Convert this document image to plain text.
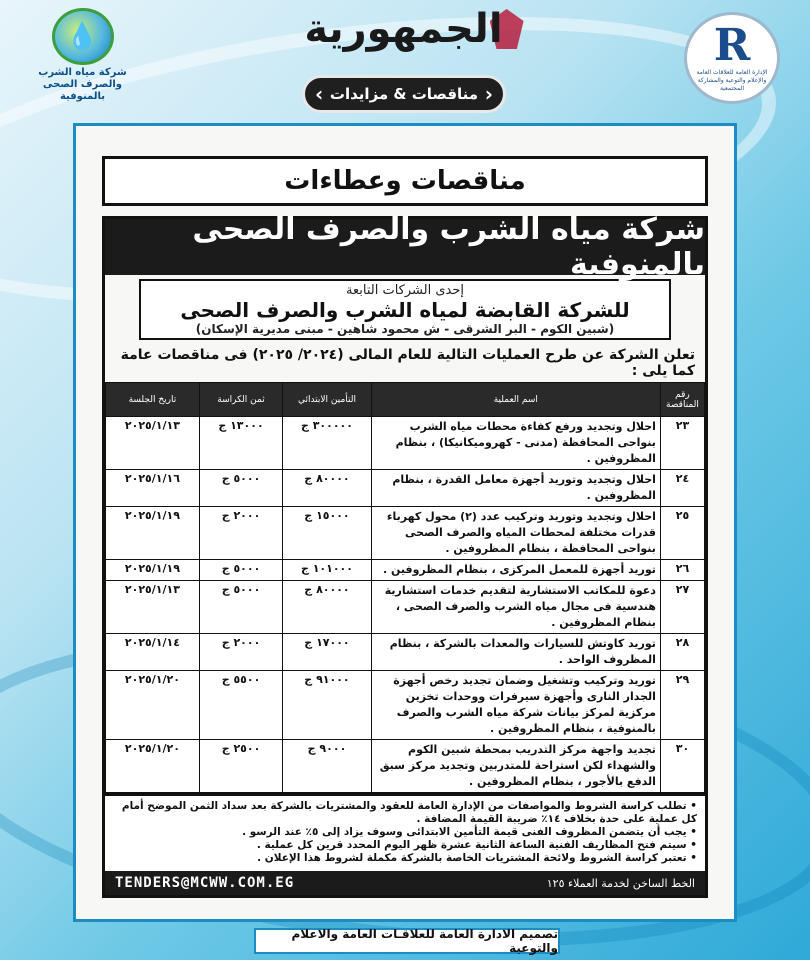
💧
شركة مياه الشرب والصرف الصحى بالمنوفية
الجمهورية
‹ مناقصات & مزايدات ›
R
الإدارة العامة للعلاقات العامة والإعلام والتوعية والمشاركة المجتمعية
مناقصات وعطاءات
شركة مياه الشرب والصرف الصحى بالمنوفية
إحدى الشركات التابعة
للشركة القابضة لمياه الشرب والصرف الصحى
(شبين الكوم - البر الشرقى - ش محمود شاهين - مبنى مديرية الإسكان)
تعلن الشركة عن طرح العمليات التالية للعام المالى (٢٠٢٤/ ٢٠٢٥) فى مناقصات عامة كما يلى :
رقم المناقصة	اسم العملية	التأمين الابتدائي	ثمن الكراسة	تاريخ الجلسة
٢٣	احلال وتجديد ورفع كفاءة محطات مياه الشرب بنواحى المحافظة (مدنى - كهروميكانيكا) ، بنظام المظروفين .	٣٠٠٠٠٠ ج	١٣٠٠٠ ج	٢٠٢٥/١/١٣
٢٤	احلال وتجديد وتوريد أجهزة معامل القدرة ، بنظام المظروفين .	٨٠٠٠٠ ج	٥٠٠٠ ج	٢٠٢٥/١/١٦
٢٥	احلال وتجديد وتوريد وتركيب عدد (٢) محول كهرباء قدرات مختلفة لمحطات المياه والصرف الصحى بنواحى المحافظة ، بنظام المظروفين .	١٥٠٠٠ ج	٢٠٠٠ ج	٢٠٢٥/١/١٩
٢٦	توريد أجهزة للمعمل المركزى ، بنظام المظروفين .	١٠١٠٠٠ ج	٥٠٠٠ ج	٢٠٢٥/١/١٩
٢٧	دعوة للمكاتب الاستشارية لتقديم خدمات استشارية هندسية فى مجال مياه الشرب والصرف الصحى ، بنظام المظروفين .	٨٠٠٠٠ ج	٥٠٠٠ ج	٢٠٢٥/١/١٣
٢٨	توريد كاوتش للسيارات والمعدات بالشركة ، بنظام المظروف الواحد .	١٧٠٠٠ ج	٢٠٠٠ ج	٢٠٢٥/١/١٤
٢٩	توريد وتركيب وتشغيل وضمان تجديد رخص أجهزة الجدار النارى وأجهزة سيرفرات ووحدات تخزين مركزية لمركز بيانات شركة مياه الشرب والصرف بالمنوفية ، بنظام المظروفين .	٩١٠٠٠ ج	٥٥٠٠ ج	٢٠٢٥/١/٢٠
٣٠	تجديد واجهة مركز التدريب بمحطة شبين الكوم والشهداء لكن استراحة للمتدربين وتجديد مركز سبق الدفع بالأجور ، بنظام المظروفين .	٩٠٠٠ ج	٢٥٠٠ ج	٢٠٢٥/١/٢٠
• تطلب كراسة الشروط والمواصفات من الإدارة العامة للعقود والمشتريات بالشركة بعد سداد الثمن الموضح أمام كل عملية على حدة بخلاف ١٤٪ ضريبة القيمة المضافة .
• يجب أن يتضمن المظروف الفنى قيمة التأمين الابتدائى وسوف يزاد إلى ٥٪ عند الرسو .
• سيتم فتح المظاريف الفنية الساعة الثانية عشرة ظهر اليوم المحدد قرين كل عملية .
• تعتبر كراسة الشروط ولائحة المشتريات الخاصة بالشركة مكملة لشروط هذا الإعلان .
الخط الساخن لخدمة العملاء ١٢٥
TENDERS@MCWW.COM.EG
تصميم الادارة العامة للعلاقـات العامة والاعلام والتوعية
